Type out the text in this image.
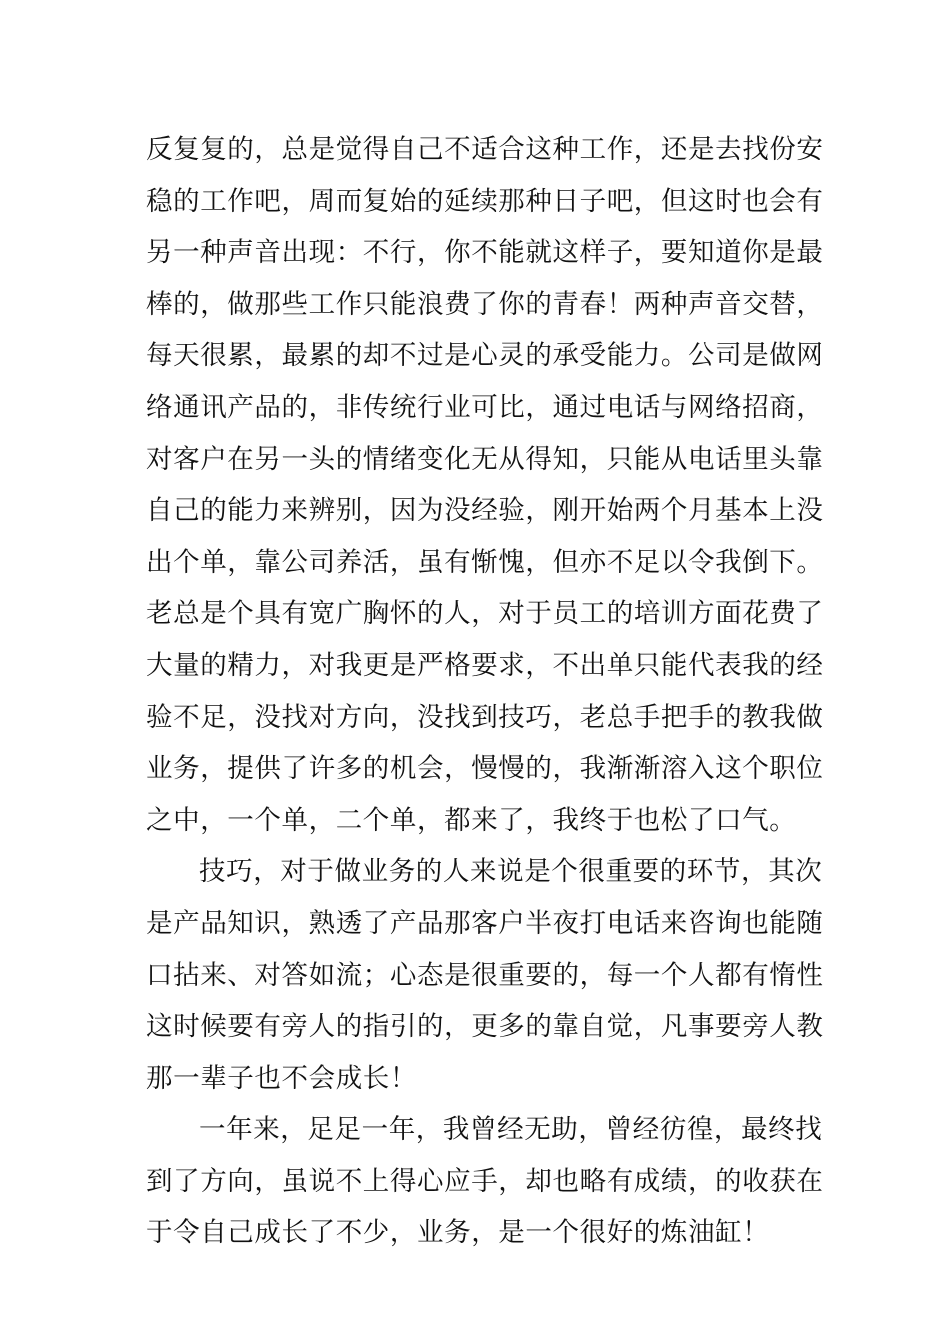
反复复的，总是觉得自己不适合这种工作，还是去找份安
稳的工作吧，周而复始的延续那种日子吧，但这时也会有
另一种声音出现：不行，你不能就这样子，要知道你是最
棒的，做那些工作只能浪费了你的青春！两种声音交替，
每天很累，最累的却不过是心灵的承受能力。公司是做网
络通讯产品的，非传统行业可比，通过电话与网络招商，
对客户在另一头的情绪变化无从得知，只能从电话里头靠
自己的能力来辨别，因为没经验，刚开始两个月基本上没
出个单，靠公司养活，虽有惭愧，但亦不足以令我倒下。
老总是个具有宽广胸怀的人，对于员工的培训方面花费了
大量的精力，对我更是严格要求，不出单只能代表我的经
验不足，没找对方向，没找到技巧，老总手把手的教我做
业务，提供了许多的机会，慢慢的，我渐渐溶入这个职位
之中，一个单，二个单，都来了，我终于也松了口气。
技巧，对于做业务的人来说是个很重要的环节，其次
是产品知识，熟透了产品那客户半夜打电话来咨询也能随
口拈来、对答如流；心态是很重要的，每一个人都有惰性
这时候要有旁人的指引的，更多的靠自觉，凡事要旁人教
那一辈子也不会成长！
一年来，足足一年，我曾经无助，曾经彷徨，最终找
到了方向，虽说不上得心应手，却也略有成绩，的收获在
于令自己成长了不少，业务，是一个很好的炼油缸！
